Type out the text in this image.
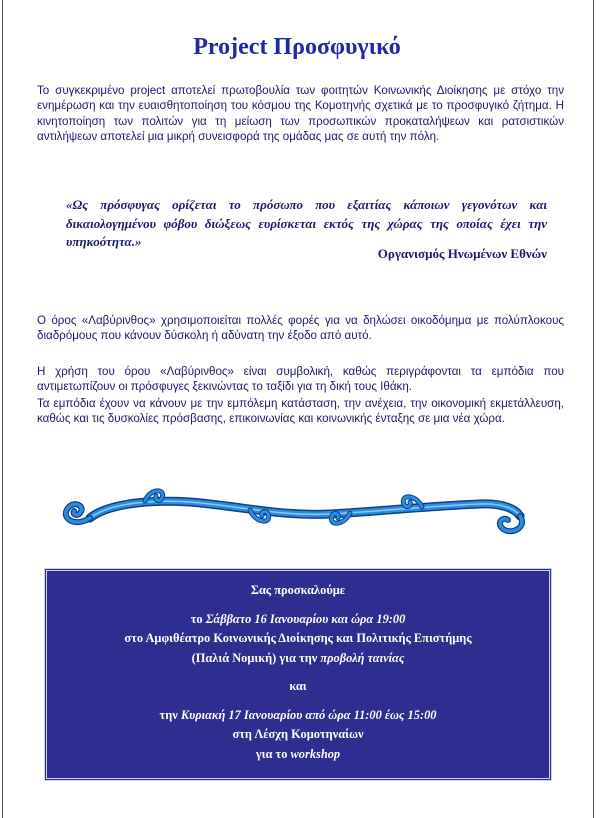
Project Προσφυγικό

Το συγκεκριμένο project αποτελεί πρωτοβουλία των φοιτητών Κοινωνικής Διοίκησης με στόχο την ενημέρωση και την ευαισθητοποίηση του κόσμου της Κομοτηνής σχετικά με το προσφυγικό ζήτημα. Η κινητοποίηση των πολιτών για τη μείωση των προσωπικών προκαταλήψεων και ρατσιστικών αντιλήψεων αποτελεί μια μικρή συνεισφορά της ομάδας μας σε αυτή την πόλη.

«Ως πρόσφυγας ορίζεται το πρόσωπο που εξαιτίας κάποιων γεγονότων και δικαιολογημένου φόβου διώξεως ευρίσκεται εκτός της χώρας της οποίας έχει την υπηκοότητα.»

Οργανισμός Ηνωμένων Εθνών

Ο όρος «Λαβύρινθος» χρησιμοποιείται πολλές φορές για να δηλώσει οικοδόμημα με πολύπλοκους διαδρόμους που κάνουν δύσκολη ή αδύνατη την έξοδο από αυτό.

Η χρήση του όρου «Λαβύρινθος» είναι συμβολική, καθώς περιγράφονται τα εμπόδια που αντιμετωπίζουν οι πρόσφυγες ξεκινώντας το ταξίδι για τη δική τους Ιθάκη.

Τα εμπόδια έχουν να κάνουν με την εμπόλεμη κατάσταση, την ανέχεια, την οικονομική εκμετάλλευση, καθώς και τις δυσκολίες πρόσβασης, επικοινωνίας και κοινωνικής ένταξης σε μια νέα χώρα.

Σας προσκαλούμε
το Σάββατο 16 Ιανουαρίου και ώρα 19:00
στο Αμφιθέατρο Κοινωνικής Διοίκησης και Πολιτικής Επιστήμης
(Παλιά Νομική) για την προβολή ταινίας
και
την Κυριακή 17 Ιανουαρίου από ώρα 11:00 έως 15:00
στη Λέσχη Κομοτηναίων
για το workshop
